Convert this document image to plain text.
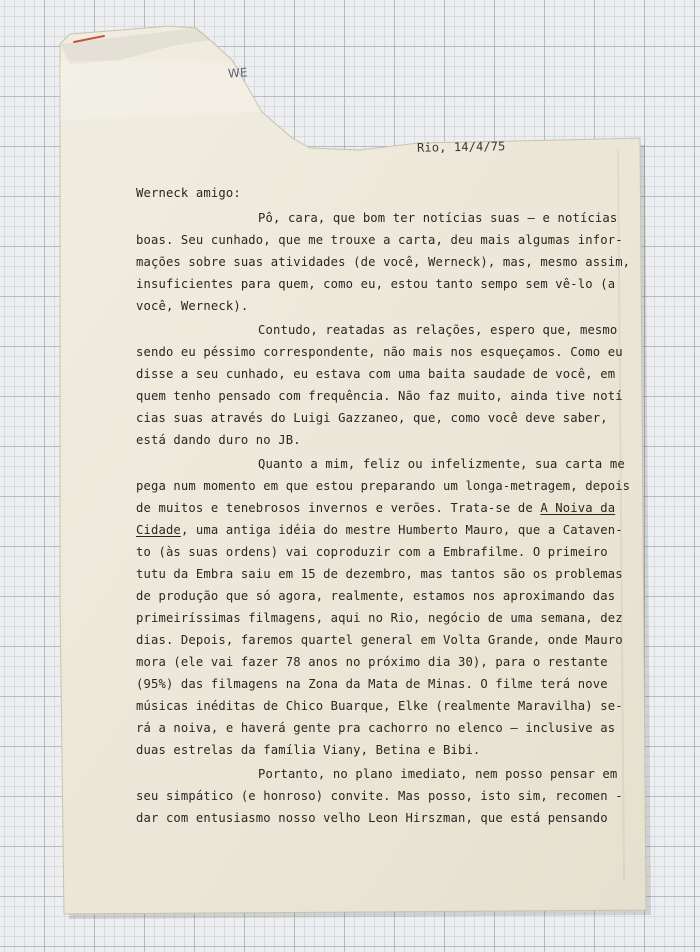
WE
Rio, 14/4/75
Werneck amigo:
Pô, cara, que bom ter notícias suas — e notícias
boas. Seu cunhado, que me trouxe a carta, deu mais algumas infor-
mações sobre suas atividades (de você, Werneck), mas, mesmo assim,
insuficientes para quem, como eu, estou tanto sempo sem vê-lo (a
você, Werneck).
Contudo, reatadas as relações, espero que, mesmo
sendo eu péssimo correspondente, não mais nos esqueçamos. Como eu
disse a seu cunhado, eu estava com uma baita saudade de você, em
quem tenho pensado com frequência. Não faz muito, ainda tive notí
cias suas através do Luigi Gazzaneo, que, como você deve saber,
está dando duro no JB.
Quanto a mim, feliz ou infelizmente, sua carta me
pega num momento em que estou preparando um longa-metragem, depois
de muitos e tenebrosos invernos e verões. Trata-se de A Noiva da
Cidade, uma antiga idéia do mestre Humberto Mauro, que a Cataven-
to (às suas ordens) vai coproduzir com a Embrafilme. O primeiro
tutu da Embra saiu em 15 de dezembro, mas tantos são os problemas
de produção que só agora, realmente, estamos nos aproximando das
primeiríssimas filmagens, aqui no Rio, negócio de uma semana, dez
dias. Depois, faremos quartel general em Volta Grande, onde Mauro
mora (ele vai fazer 78 anos no próximo dia 30), para o restante
(95%) das filmagens na Zona da Mata de Minas. O filme terá nove
músicas inéditas de Chico Buarque, Elke (realmente Maravilha) se-
rá a noiva, e haverá gente pra cachorro no elenco — inclusive as
duas estrelas da família Viany, Betina e Bibi.
Portanto, no plano imediato, nem posso pensar em
seu simpático (e honroso) convite. Mas posso, isto sim, recomen -
dar com entusiasmo nosso velho Leon Hirszman, que está pensando
